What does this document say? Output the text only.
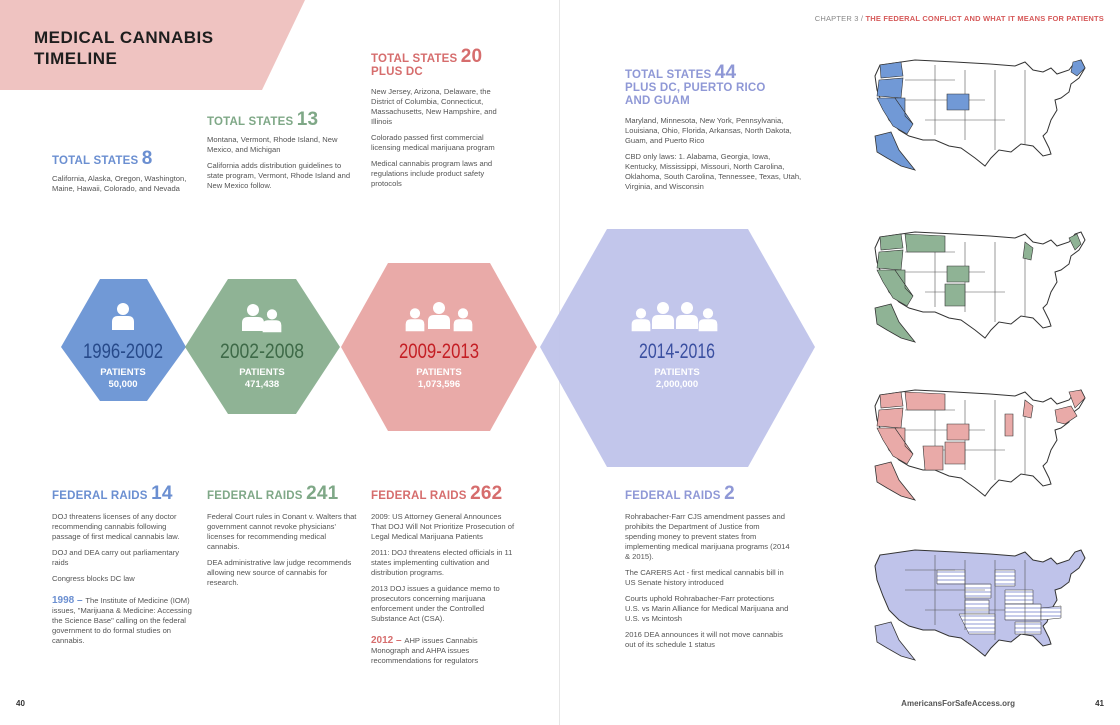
MEDICAL CANNABIS
TIMELINE
CHAPTER 3 / THE FEDERAL CONFLICT AND WHAT IT MEANS FOR PATIENTS
TOTAL STATES 8

California, Alaska, Oregon, Washington, Maine, Hawaii, Colorado, and Nevada

TOTAL STATES 13

Montana, Vermont, Rhode Island, New Mexico, and Michigan

California adds distribution guidelines to state program, Vermont, Rhode Island and New Mexico follow.

TOTAL STATES 20
PLUS DC

New Jersey, Arizona, Delaware, the District of Columbia, Connecticut, Massachusetts, New Hampshire, and Illinois

Colorado passed first commercial licensing medical marijuana program

Medical cannabis program laws and regulations include product safety protocols

TOTAL STATES 44
PLUS DC, PUERTO RICO
AND GUAM

Maryland, Minnesota, New York, Pennsylvania, Louisiana, Ohio, Florida, Arkansas, North Dakota, Guam, and Puerto Rico

CBD only laws: 1. Alabama, Georgia, Iowa, Kentucky, Mississippi, Missouri, North Carolina, Oklahoma, South Carolina, Tennessee, Texas, Utah, Virginia, and Wisconsin

1996-2002
PATIENTS
50,000
2002-2008
PATIENTS
471,438
2009-2013
PATIENTS
1,073,596
2014-2016
PATIENTS
2,000,000
FEDERAL RAIDS 14

DOJ threatens licenses of any doctor recommending cannabis following passage of first medical cannabis law.

DOJ and DEA carry out parliamentary raids

Congress blocks DC law

1998 – The Institute of Medicine (IOM) issues, "Marijuana & Medicine: Accessing the Science Base" calling on the federal government to do formal studies on cannabis.

FEDERAL RAIDS 241

Federal Court rules in Conant v. Walters that government cannot revoke physicians' licenses for recommending medical cannabis.

DEA administrative law judge recommends allowing new source of cannabis for research.

FEDERAL RAIDS 262

2009: US Attorney General Announces That DOJ Will Not Prioritize Prosecution of Legal Medical Marijuana Patients

2011: DOJ threatens elected officials in 11 states implementing cultivation and distribution programs.

2013 DOJ issues a guidance memo to prosecutors concerning marijuana enforcement under the Controlled Substance Act (CSA).

2012 – AHP issues Cannabis Monograph and AHPA issues recommendations for regulators

FEDERAL RAIDS 2

Rohrabacher-Farr CJS amendment passes and prohibits the Department of Justice from spending money to prevent states from implementing medical marijuana programs (2014 & 2015).

The CARERS Act - first medical cannabis bill in US Senate history introduced

Courts uphold Rohrabacher-Farr protections U.S. vs Marin Alliance for Medical Marijuana and U.S. vs Mcintosh

2016 DEA announces it will not move cannabis out of its schedule 1 status

40	AmericansForSafeAccess.org	41
